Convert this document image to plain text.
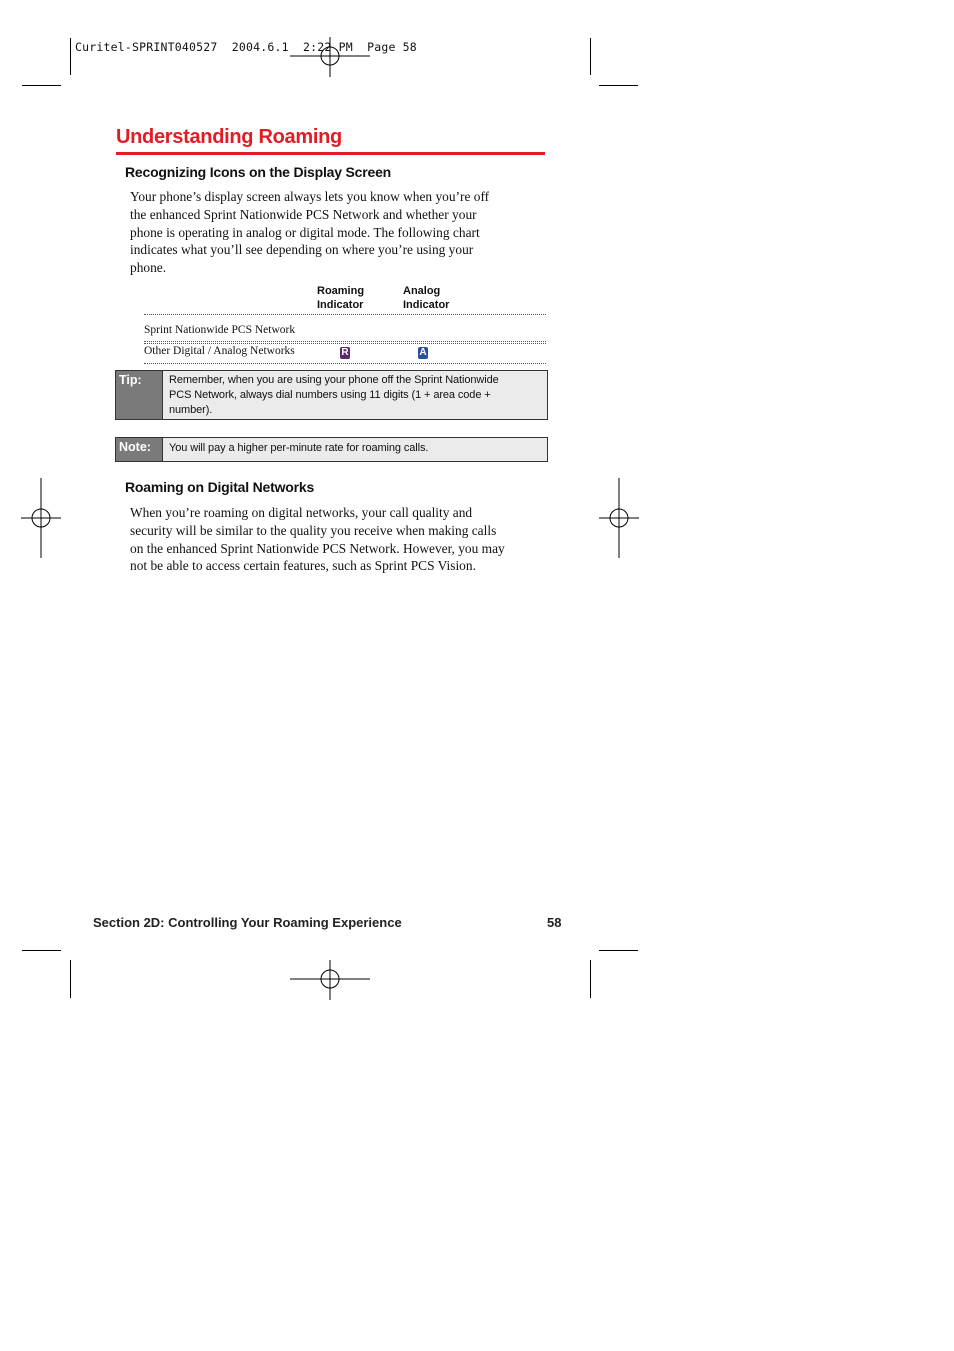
Curitel-SPRINT040527  2004.6.1  2:22 PM  Page 58
Understanding Roaming
Recognizing Icons on the Display Screen
Your phone’s display screen always lets you know when you’re off
the enhanced Sprint Nationwide PCS Network and whether your
phone is operating in analog or digital mode. The following chart
indicates what you’ll see depending on where you’re using your
phone.
Roaming
Indicator
Analog
Indicator
Sprint Nationwide PCS Network
Other Digital / Analog Networks	R	A
Tip:	Remember, when you are using your phone off the Sprint Nationwide
PCS Network, always dial numbers using 11 digits (1 + area code +
number).
Note:	You will pay a higher per-minute rate for roaming calls.
Roaming on Digital Networks
When you’re roaming on digital networks, your call quality and
security will be similar to the quality you receive when making calls
on the enhanced Sprint Nationwide PCS Network. However, you may
not be able to access certain features, such as Sprint PCS Vision.
Section 2D: Controlling Your Roaming Experience	58
